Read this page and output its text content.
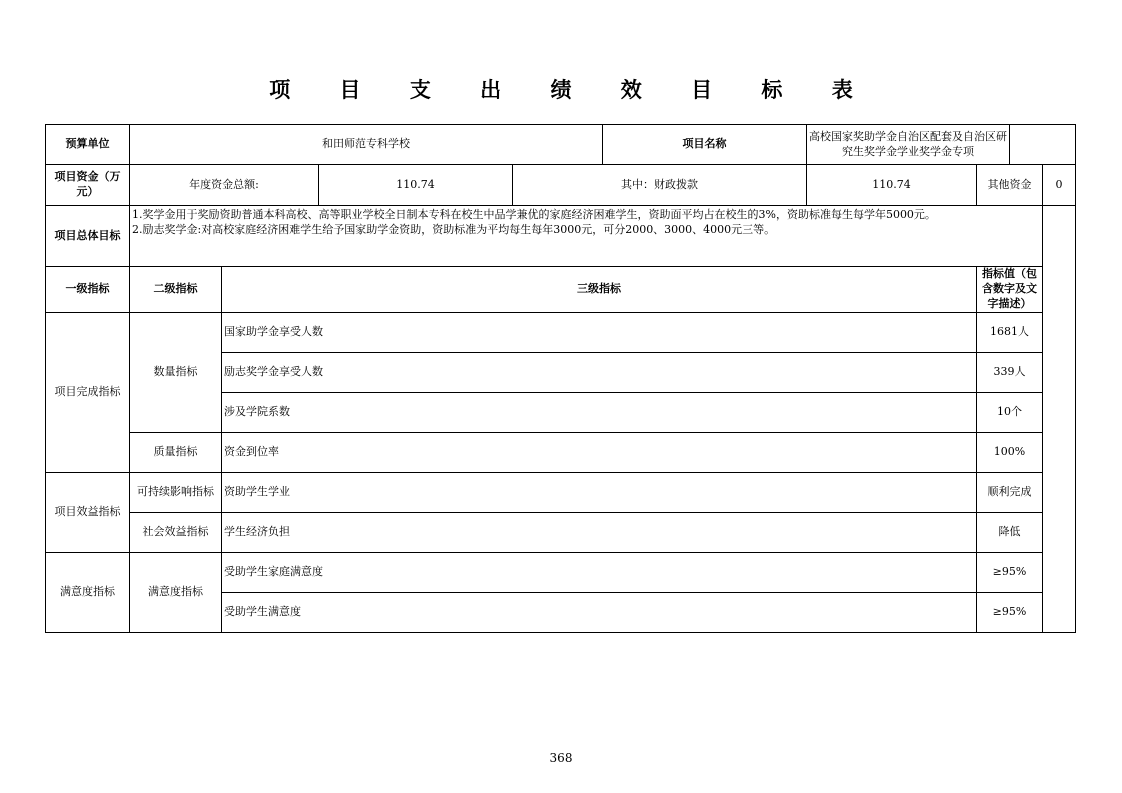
项 目 支 出 绩 效 目 标 表
预算单位	和田师范专科学校				项目名称	高校国家奖助学金自治区配套及自治区研究生奖学金学业奖学金专项		
项目资金（万元）	年度资金总额:		110.74	其中：财政拨款		110.74	其他资金	0
项目总体目标	1.奖学金用于奖励资助普通本科高校、高等职业学校全日制本专科在校生中品学兼优的家庭经济困难学生，资助面平均占在校生的3%，资助标准每生每学年5000元。
2.励志奖学金:对高校家庭经济困难学生给予国家助学金资助，资助标准为平均每生每年3000元，可分2000、3000、4000元三等。							

一级指标	二级指标	三级指标					指标值（包含数字及文字描述）	
项目完成指标	数量指标	国家助学金享受人数					1681人	
		励志奖学金享受人数					339人	
		涉及学院系数					10个	
	质量指标	资金到位率					100%	
项目效益指标	可持续影响指标	资助学生学业					顺利完成	
	社会效益指标	学生经济负担					降低	
满意度指标	满意度指标	受助学生家庭满意度					≥95%	
		受助学生满意度					≥95%	
368
